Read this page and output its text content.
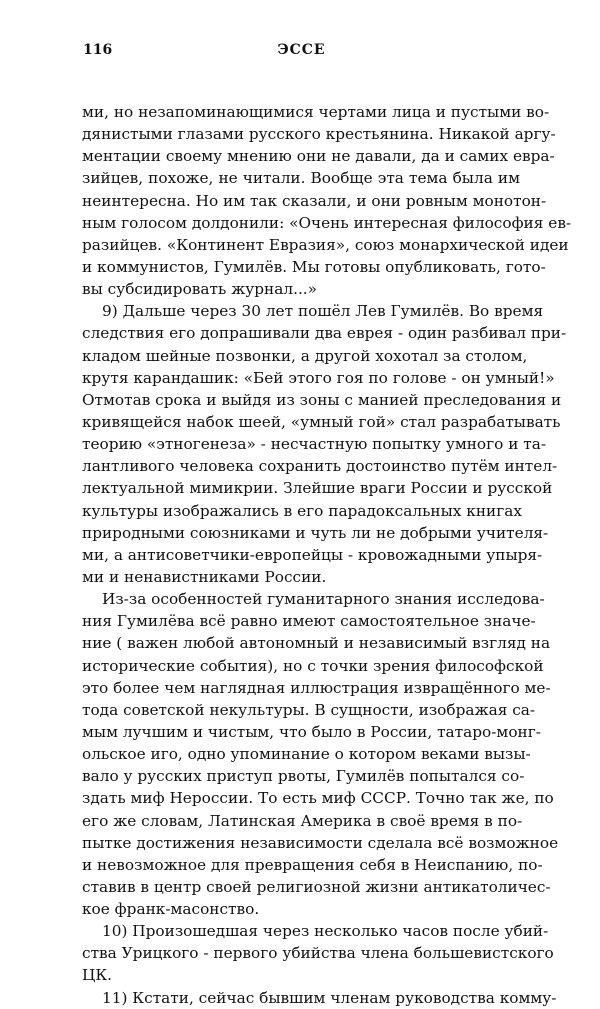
116	ЭССЕ
ми, но незапоминающимися чертами лица и пустыми во-
дянистыми глазами русского крестьянина. Никакой аргу-
ментации своему мнению они не давали, да и самих евра-
зийцев, похоже, не читали. Вообще эта тема была им
неинтересна. Но им так сказали, и они ровным монотон-
ным голосом долдонили: «Очень интересная философия ев-
разийцев. «Континент Евразия», союз монархической идеи
и коммунистов, Гумилёв. Мы готовы опубликовать, гото-
вы субсидировать журнал...»
9) Дальше через 30 лет пошёл Лев Гумилёв. Во время
следствия его допрашивали два еврея - один разбивал при-
кладом шейные позвонки, а другой хохотал за столом,
крутя карандашик: «Бей этого гоя по голове - он умный!»
Отмотав срока и выйдя из зоны с манией преследования и
кривящейся набок шеей, «умный гой» стал разрабатывать
теорию «этногенеза» - несчастную попытку умного и та-
лантливого человека сохранить достоинство путём интел-
лектуальной мимикрии. Злейшие враги России и русской
культуры изображались в его парадоксальных книгах
природными союзниками и чуть ли не добрыми учителя-
ми, а антисоветчики-европейцы - кровожадными упыря-
ми и ненавистниками России.
Из-за особенностей гуманитарного знания исследова-
ния Гумилёва всё равно имеют самостоятельное значе-
ние ( важен любой автономный и независимый взгляд на
исторические события), но с точки зрения философской
это более чем наглядная иллюстрация извращённого ме-
тода советской некультуры. В сущности, изображая са-
мым лучшим и чистым, что было в России, татаро-монг-
ольское иго, одно упоминание о котором веками вызы-
вало у русских приступ рвоты, Гумилёв попытался со-
здать миф Нероссии. То есть миф СССР. Точно так же, по
его же словам, Латинская Америка в своё время в по-
пытке достижения независимости сделала всё возможное
и невозможное для превращения себя в Неиспанию, по-
ставив в центр своей религиозной жизни антикатоличес-
кое франк-масонство.
10) Произошедшая через несколько часов после убий-
ства Урицкого - первого убийства члена большевистского
ЦК.
11) Кстати, сейчас бывшим членам руководства комму-
